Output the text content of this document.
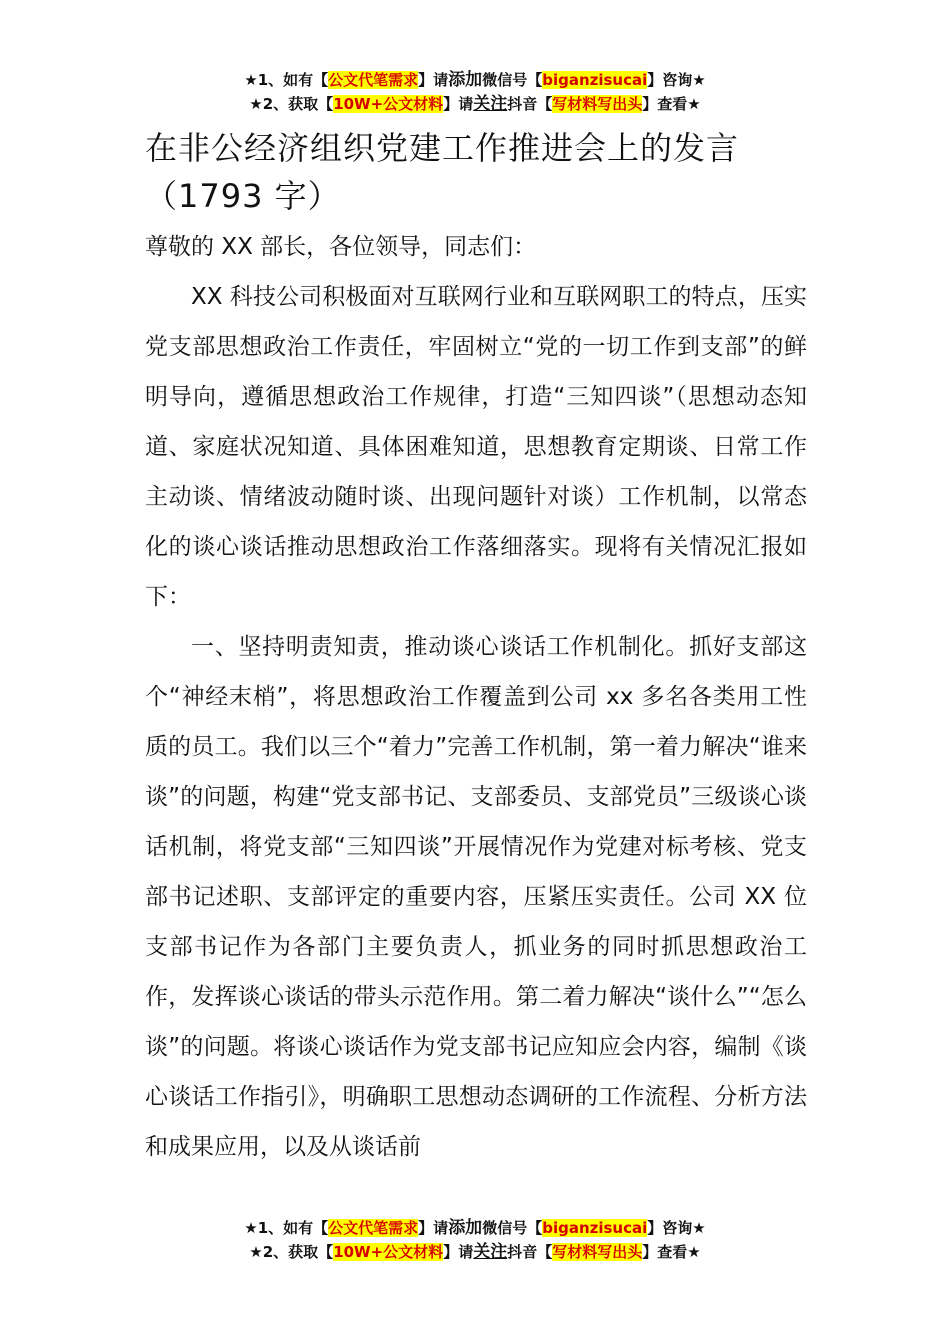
★1、如有【公文代笔需求】请添加微信号【biganzisucai】咨询★
★2、获取【10W+公文材料】请关注抖音【写材料写出头】查看★
在非公经济组织党建工作推进会上的发言（1793 字）
尊敬的 XX 部长，各位领导，同志们：

XX 科技公司积极面对互联网行业和互联网职工的特点，压实党支部思想政治工作责任，牢固树立“党的一切工作到支部”的鲜明导向，遵循思想政治工作规律，打造“三知四谈”（思想动态知道、家庭状况知道、具体困难知道，思想教育定期谈、日常工作主动谈、情绪波动随时谈、出现问题针对谈）工作机制，以常态化的谈心谈话推动思想政治工作落细落实。现将有关情况汇报如下：

一、坚持明责知责，推动谈心谈话工作机制化。抓好支部这个“神经末梢”，将思想政治工作覆盖到公司 xx 多名各类用工性质的员工。我们以三个“着力”完善工作机制，第一着力解决“谁来谈”的问题，构建“党支部书记、支部委员、支部党员”三级谈心谈话机制，将党支部“三知四谈”开展情况作为党建对标考核、党支部书记述职、支部评定的重要内容，压紧压实责任。公司 XX 位支部书记作为各部门主要负责人，抓业务的同时抓思想政治工作，发挥谈心谈话的带头示范作用。第二着力解决“谈什么”“怎么谈”的问题。将谈心谈话作为党支部书记应知应会内容，编制《谈心谈话工作指引》，明确职工思想动态调研的工作流程、分析方法和成果应用，以及从谈话前

★1、如有【公文代笔需求】请添加微信号【biganzisucai】咨询★
★2、获取【10W+公文材料】请关注抖音【写材料写出头】查看★
